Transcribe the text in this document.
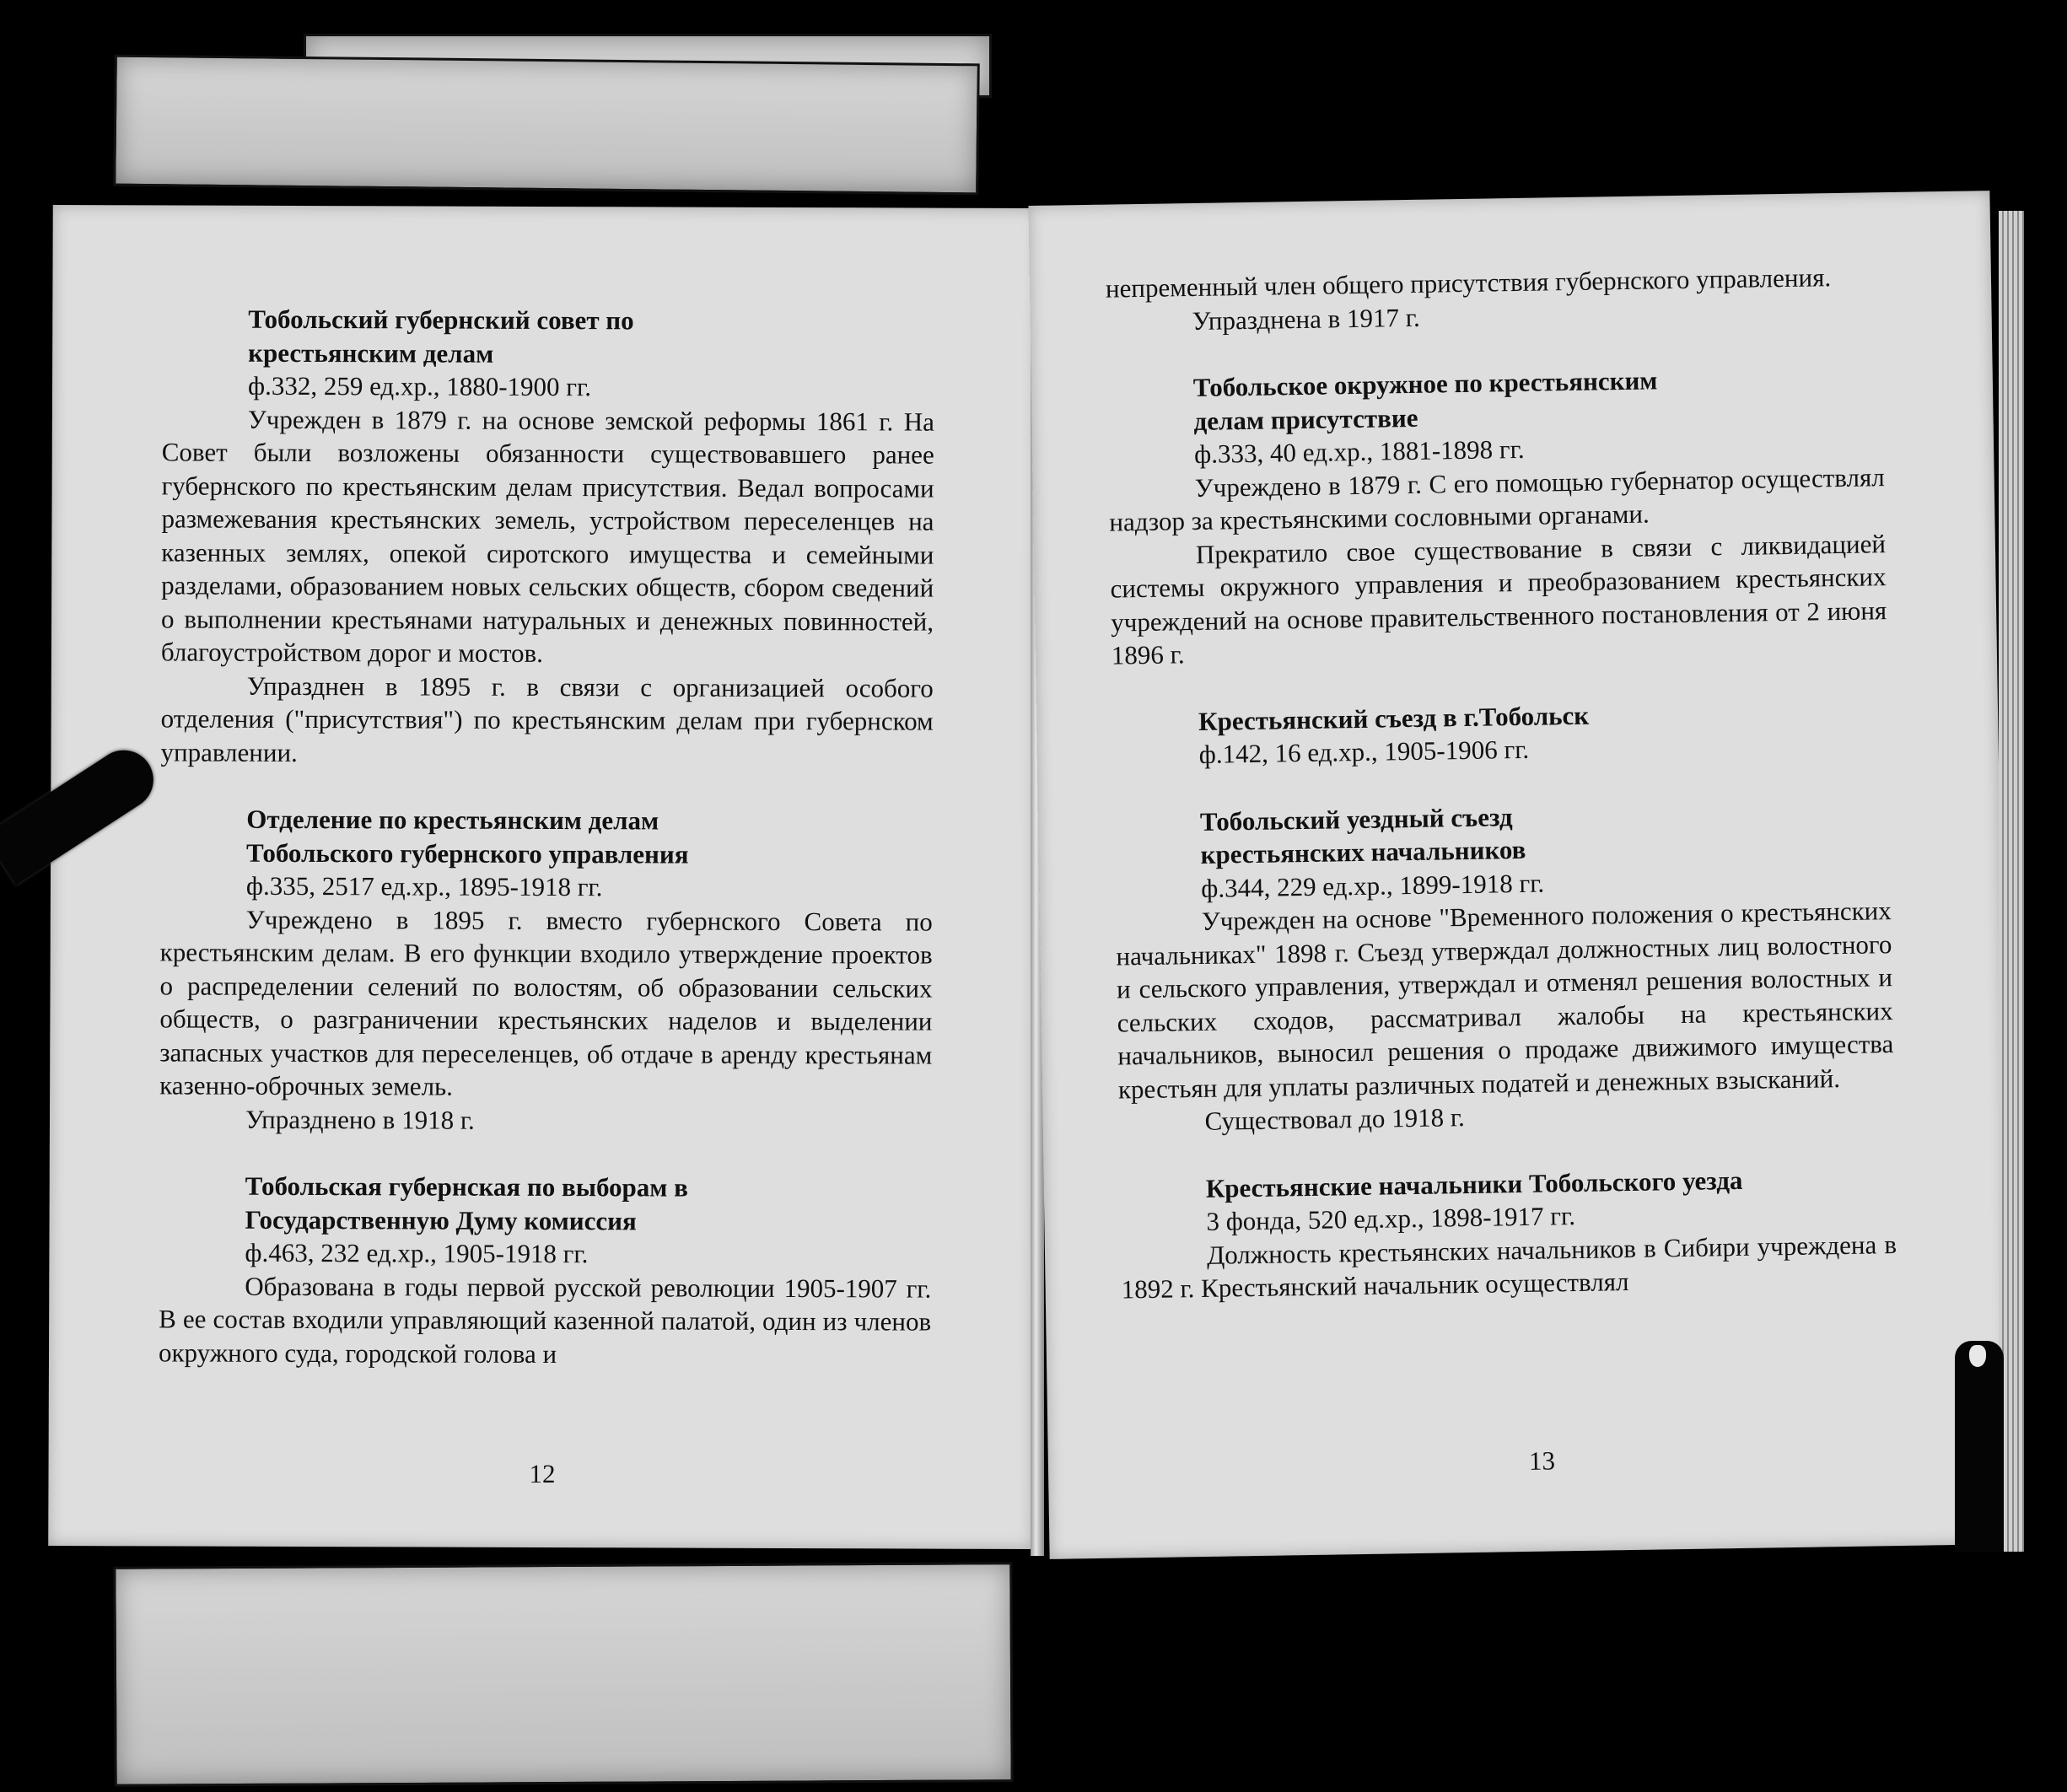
Тобольский губернский совет по
крестьянским делам
ф.332, 259 ед.хр., 1880-1900 гг.

Учрежден в 1879 г. на основе земской реформы 1861 г. На Совет были возложены обязанности существовавшего ранее губернского по крестьянским делам присутствия. Ведал вопросами размежевания крестьянских земель, устройством переселенцев на казенных землях, опекой сиротского имущества и семейными разделами, образованием новых сельских обществ, сбором сведений о выполнении крестьянами натуральных и денежных повинностей, благоустройством дорог и мостов.

Упразднен в 1895 г. в связи с организацией особого отделения ("присутствия") по крестьянским делам при губернском управлении.

Отделение по крестьянским делам
Тобольского губернского управления
ф.335, 2517 ед.хр., 1895-1918 гг.

Учреждено в 1895 г. вместо губернского Совета по крестьянским делам. В его функции входило утверждение проектов о распределении селений по волостям, об образовании сельских обществ, о разграничении крестьянских наделов и выделении запасных участков для переселенцев, об отдаче в аренду крестьянам казенно-оброчных земель.

Упразднено в 1918 г.

Тобольская губернская по выборам в
Государственную Думу комиссия
ф.463, 232 ед.хр., 1905-1918 гг.

Образована в годы первой русской революции 1905-1907 гг. В ее состав входили управляющий казенной палатой, один из членов окружного суда, городской голова и

12

непременный член общего присутствия губернского управления.

Упразднена в 1917 г.

Тобольское окружное по крестьянским
делам присутствие
ф.333, 40 ед.хр., 1881-1898 гг.

Учреждено в 1879 г. С его помощью губернатор осуществлял надзор за крестьянскими сословными органами.

Прекратило свое существование в связи с ликвидацией системы окружного управления и преобразованием крестьянских учреждений на основе правительственного постановления от 2 июня 1896 г.

Крестьянский съезд в г.Тобольск
ф.142, 16 ед.хр., 1905-1906 гг.
Тобольский уездный съезд
крестьянских начальников
ф.344, 229 ед.хр., 1899-1918 гг.

Учрежден на основе "Временного положения о крестьянских начальниках" 1898 г. Съезд утверждал должностных лиц волостного и сельского управления, утверждал и отменял решения волостных и сельских сходов, рассматривал жалобы на крестьянских начальников, выносил решения о продаже движимого имущества крестьян для уплаты различных податей и денежных взысканий.

Существовал до 1918 г.

Крестьянские начальники Тобольского уезда
3 фонда, 520 ед.хр., 1898-1917 гг.

Должность крестьянских начальников в Сибири учреждена в 1892 г. Крестьянский начальник осуществлял

13
